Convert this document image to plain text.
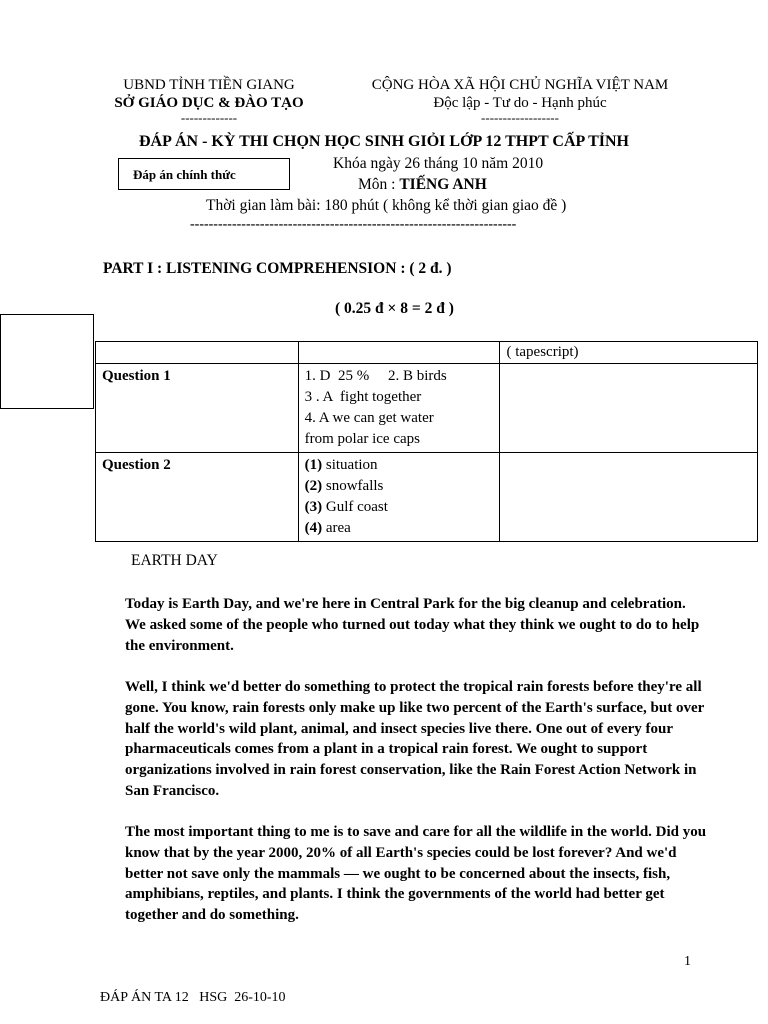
UBND TỈNH TIỀN GIANG
SỞ GIÁO DỤC & ĐÀO TẠO
-------------
CỘNG HÒA XÃ HỘI CHỦ NGHĨA VIỆT NAM
Độc lập - Tư do - Hạnh phúc
------------------
ĐÁP ÁN - KỲ THI CHỌN HỌC SINH GIỎI LỚP 12 THPT CẤP TỈNH
Đáp án chính thức
Khóa ngày 26 tháng 10 năm 2010
Môn : TIẾNG ANH
Thời gian làm bài: 180 phút ( không kể thời gian giao đề )
----------------------------------------------------------------------
PART I : LISTENING COMPREHENSION : ( 2 đ. )
( 0.25 đ × 8 = 2 đ )
		( tapescript)
Question 1	1. D  25 %     2. B birds
3 . A  fight together
4. A we can get water
from polar ice caps	

Question 2	(1) situation
(2) snowfalls
(3) Gulf coast
(4) area	

EARTH DAY
Today is Earth Day, and we're here in Central Park for the big cleanup and celebration. We asked some of the people who turned out today what they think we ought to do to help the environment.
Well, I think we'd better do something to protect the tropical rain forests before they're all gone. You know, rain forests only make up like two percent of the Earth's surface, but over half the world's wild plant, animal, and insect species live there. One out of every four pharmaceuticals comes from a plant in a tropical rain forest. We ought to support organizations involved in rain forest conservation, like the Rain Forest Action Network in San Francisco.
The most important thing to me is to save and care for all the wildlife in the world. Did you know that by the year 2000, 20% of all Earth's species could be lost forever? And we'd better not save only the mammals — we ought to be concerned about the insects, fish, amphibians, reptiles, and plants. I think the governments of the world had better get together and do something.
1
ĐÁP ÁN TA 12   HSG  26-10-10
